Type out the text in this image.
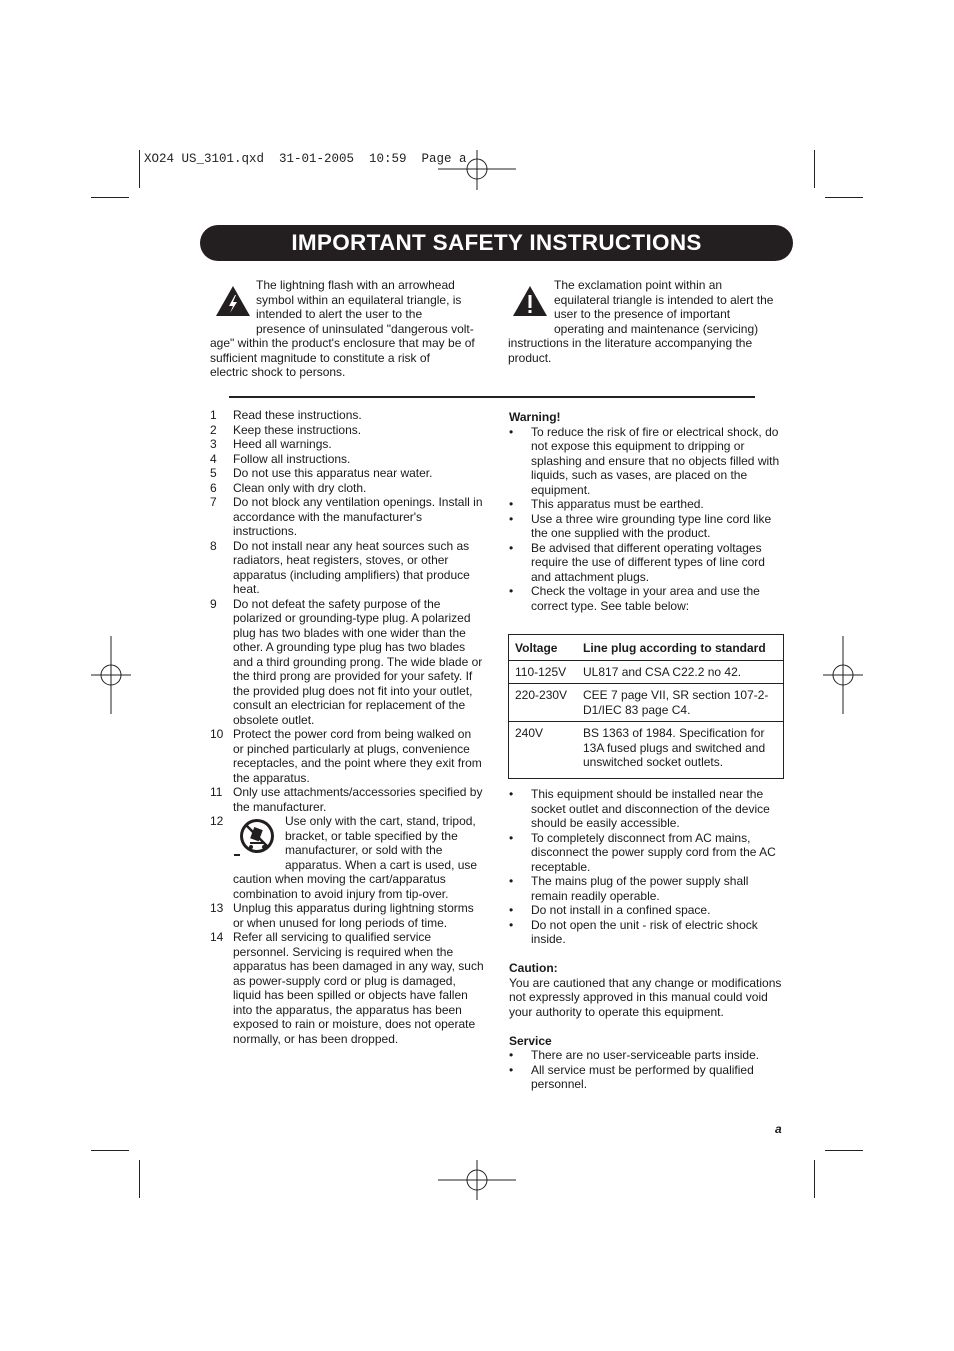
XO24 US_3101.qxd  31-01-2005  10:59  Page a
IMPORTANT SAFETY INSTRUCTIONS
The lightning flash with an arrowhead
symbol within an equilateral triangle, is
intended to alert the user to the
presence of uninsulated "dangerous volt-
age" within the product's enclosure that may be of
sufficient magnitude to constitute a risk of
electric shock to persons.
The exclamation point within an
equilateral triangle is intended to alert the
user to the presence of important
operating and maintenance (servicing)
instructions in the literature accompanying the
product.
1 Read these instructions.
2 Keep these instructions.
3 Heed all warnings.
4 Follow all instructions.
5 Do not use this apparatus near water.
6 Clean only with dry cloth.
7 Do not block any ventilation openings. Install in accordance with the manufacturer's instructions.
8 Do not install near any heat sources such as radiators, heat registers, stoves, or other apparatus (including amplifiers) that produce heat.
9 Do not defeat the safety purpose of the polarized or grounding-type plug. A polarized plug has two blades with one wider than the other. A grounding type plug has two blades and a third grounding prong. The wide blade or the third prong are provided for your safety. If the provided plug does not fit into your outlet, consult an electrician for replacement of the obsolete outlet.
10 Protect the power cord from being walked on or pinched particularly at plugs, convenience receptacles, and the point where they exit from the apparatus.
11 Only use attachments/accessories specified by the manufacturer.
12	Use only with the cart, stand, tripod, bracket, or table specified by the manufacturer, or sold with the apparatus. When a cart is used, use caution when moving the cart/apparatus combination to avoid injury from tip-over.
13 Unplug this apparatus during lightning storms or when unused for long periods of time.
14 Refer all servicing to qualified service personnel. Servicing is required when the apparatus has been damaged in any way, such as power-supply cord or plug is damaged, liquid has been spilled or objects have fallen into the apparatus, the apparatus has been exposed to rain or moisture, does not operate normally, or has been dropped.
Warning!
• To reduce the risk of fire or electrical shock, do not expose this equipment to dripping or splashing and ensure that no objects filled with liquids, such as vases, are placed on the equipment.
• This apparatus must be earthed.
• Use a three wire grounding type line cord like the one supplied with the product.
• Be advised that different operating voltages require the use of different types of line cord and attachment plugs.
• Check the voltage in your area and use the correct type. See table below:
Voltage	Line plug according to standard
110-125V	UL817 and CSA C22.2 no 42.
220-230V	CEE 7 page VII, SR section 107-2-D1/IEC 83 page C4.
240V	BS 1363 of 1984. Specification for 13A fused plugs and switched and unswitched socket outlets.
• This equipment should be installed near the socket outlet and disconnection of the device should be easily accessible.
• To completely disconnect from AC mains, disconnect the power supply cord from the AC receptable.
• The mains plug of the power supply shall remain readily operable.
• Do not install in a confined space.
• Do not open the unit - risk of electric shock inside.
Caution:
You are cautioned that any change or modifications not expressly approved in this manual could void your authority to operate this equipment.
Service
• There are no user-serviceable parts inside.
• All service must be performed by qualified personnel.
a
